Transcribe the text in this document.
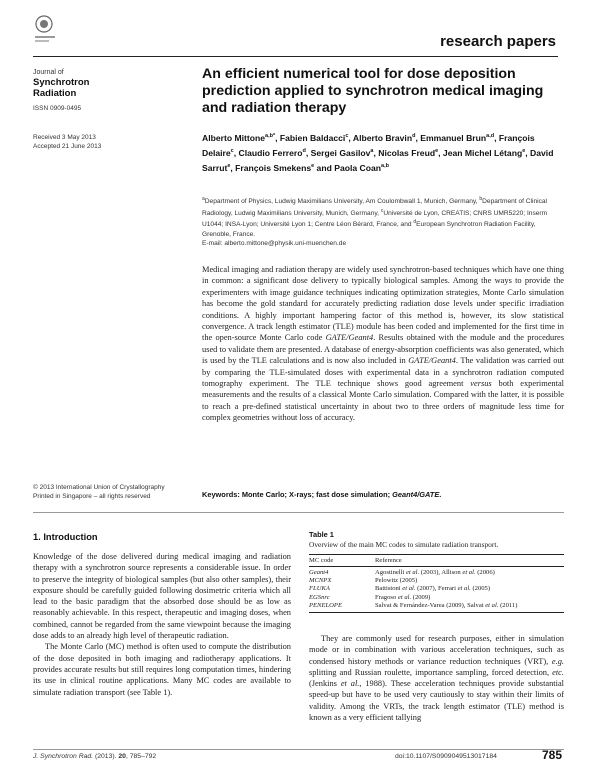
research papers
Journal of
Synchrotron
Radiation
ISSN 0909-0495
Received 3 May 2013
Accepted 21 June 2013
An efficient numerical tool for dose deposition prediction applied to synchrotron medical imaging and radiation therapy

Alberto Mittone$^{a,b*}$, Fabien Baldacci$^c$, Alberto Bravin$^d$, Emmanuel Brun$^{a,d}$, François Delaire$^c$, Claudio Ferrero$^d$, Sergei Gasilov$^a$, Nicolas Freud$^e$, Jean Michel Létang$^e$, David Sarrut$^e$, François Smekens$^e$ and Paola Coan$^{a,b}$

$^a$Department of Physics, Ludwig Maximilians University, Am Coulombwall 1, Munich, Germany, $^b$Department of Clinical Radiology, Ludwig Maximilians University, Munich, Germany, $^c$Université de Lyon, CREATIS; CNRS UMR5220; Inserm U1044; INSA-Lyon; Université Lyon 1; Centre Léon Bérard, France, and $^d$European Synchrotron Radiation Facility, Grenoble, France.
E-mail: alberto.mittone@physik.uni-muenchen.de

Medical imaging and radiation therapy are widely used synchrotron-based techniques which have one thing in common: a significant dose delivery to typically biological samples. Among the ways to provide the experimenters with image guidance techniques indicating optimization strategies, Monte Carlo simulation has become the gold standard for accurately predicting radiation dose levels under specific irradiation conditions. A highly important hampering factor of this method is, however, its slow statistical convergence. A track length estimator (TLE) module has been coded and implemented for the first time in the open-source Monte Carlo code GATE/Geant4. Results obtained with the module and the procedures used to validate them are presented. A database of energy-absorption coefficients was also generated, which is used by the TLE calculations and is now also included in GATE/Geant4. The validation was carried out by comparing the TLE-simulated doses with experimental data in a synchrotron radiation computed tomography experiment. The TLE technique shows good agreement versus both experimental measurements and the results of a classical Monte Carlo simulation. Compared with the latter, it is possible to reach a pre-defined statistical uncertainty in about two to three orders of magnitude less time for complex geometries without loss of accuracy.

© 2013 International Union of Crystallography
Printed in Singapore – all rights reserved	Keywords: Monte Carlo; X-rays; fast dose simulation; Geant4/GATE.

1. Introduction

Knowledge of the dose delivered during medical imaging and radiation therapy with a synchrotron source represents a considerable issue. In order to preserve the integrity of biological samples (but also other samples), their exposure should be carefully guided following dosimetric criteria which all lead to the basic paradigm that the absorbed dose should be as low as reasonably achievable. In this respect, therapeutic and imaging doses, when combined, cannot be regarded from the same viewpoint because the imaging dose adds to an already high level of therapeutic radiation.

The Monte Carlo (MC) method is often used to compute the distribution of the dose deposited in both imaging and radiotherapy applications. It provides accurate results but still requires long computation times, hindering its use in clinical routine applications. Many MC codes are available to simulate radiation transport (see Table 1).

Table 1
Overview of the main MC codes to simulate radiation transport.
MC code	Reference
Geant4	Agostinelli et al. (2003), Allison et al. (2006)
MCNPX	Pelowitz (2005)
FLUKA	Battistoni et al. (2007), Ferrari et al. (2005)
EGSnrc	Fragoso et al. (2009)
PENELOPE	Salvat & Fernández-Varea (2009), Salvat et al. (2011)

They are commonly used for research purposes, either in simulation mode or in combination with various acceleration techniques, such as condensed history methods or variance reduction techniques (VRT), e.g. splitting and Russian roulette, importance sampling, forced detection, etc. (Jenkins et al., 1988). These acceleration techniques provide substantial speed-up but have to be used very cautiously to stay within their limits of validity. Among the VRTs, the track length estimator (TLE) method is known as a very efficient tallying

J. Synchrotron Rad. (2013). 20, 785–792	doi:10.1107/S0909049513017184	785
